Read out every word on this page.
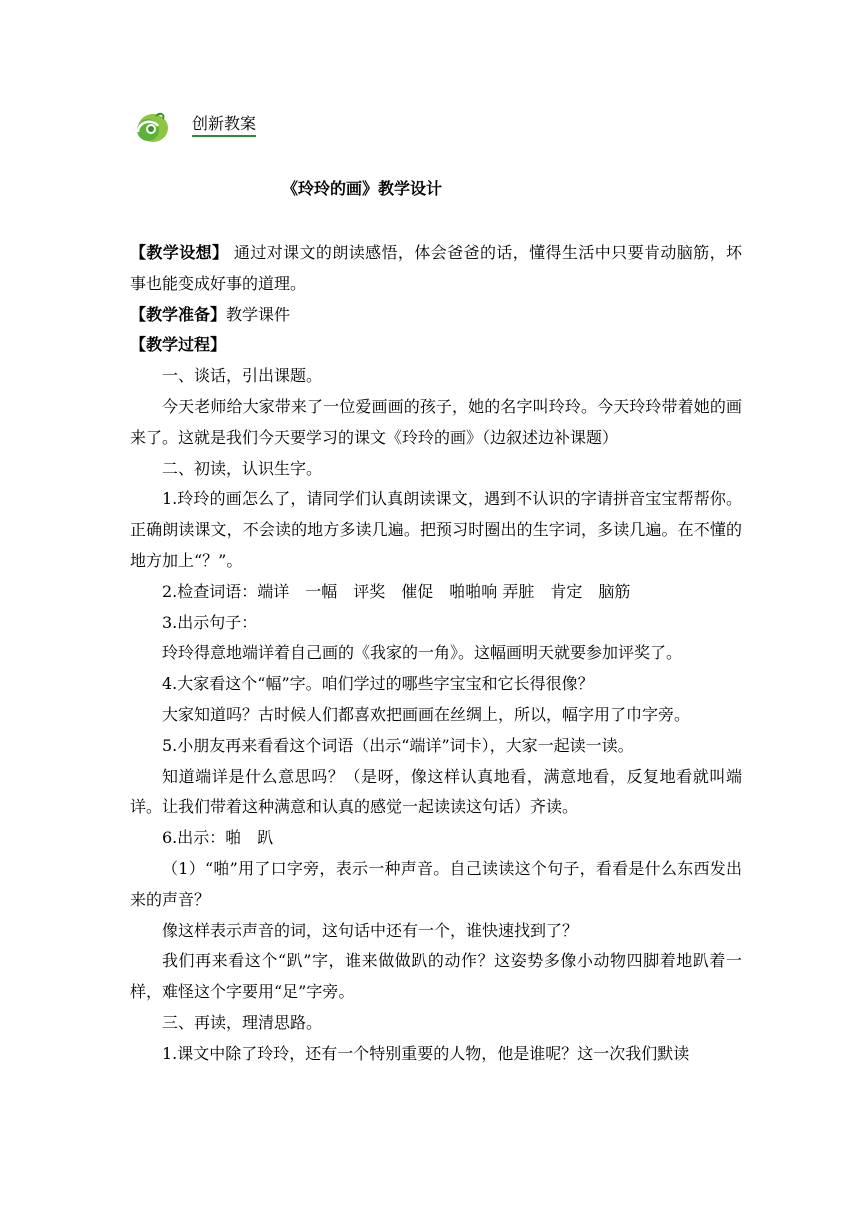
创新教案
《玲玲的画》教学设计

【教学设想】 通过对课文的朗读感悟，体会爸爸的话，懂得生活中只要肯动脑筋，坏事也能变成好事的道理。

【教学准备】教学课件

【教学过程】

一、谈话，引出课题。

今天老师给大家带来了一位爱画画的孩子，她的名字叫玲玲。今天玲玲带着她的画来了。这就是我们今天要学习的课文《玲玲的画》（边叙述边补课题）

二、初读，认识生字。

1.玲玲的画怎么了，请同学们认真朗读课文，遇到不认识的字请拼音宝宝帮帮你。正确朗读课文，不会读的地方多读几遍。把预习时圈出的生字词，多读几遍。在不懂的地方加上“？”。

2.检查词语：端详　一幅　评奖　催促　啪啪响 弄脏　肯定　脑筋

3.出示句子：

玲玲得意地端详着自己画的《我家的一角》。这幅画明天就要参加评奖了。

4.大家看这个“幅”字。咱们学过的哪些字宝宝和它长得很像？

大家知道吗？古时候人们都喜欢把画画在丝绸上，所以，幅字用了巾字旁。

5.小朋友再来看看这个词语（出示“端详”词卡），大家一起读一读。

知道端详是什么意思吗？（是呀，像这样认真地看，满意地看，反复地看就叫端详。让我们带着这种满意和认真的感觉一起读读这句话）齐读。

6.出示：啪　趴

（1）“啪”用了口字旁，表示一种声音。自己读读这个句子，看看是什么东西发出来的声音？

像这样表示声音的词，这句话中还有一个，谁快速找到了？

我们再来看这个“趴”字，谁来做做趴的动作？这姿势多像小动物四脚着地趴着一样，难怪这个字要用“足”字旁。

三、再读，理清思路。

1.课文中除了玲玲，还有一个特别重要的人物，他是谁呢？这一次我们默读
